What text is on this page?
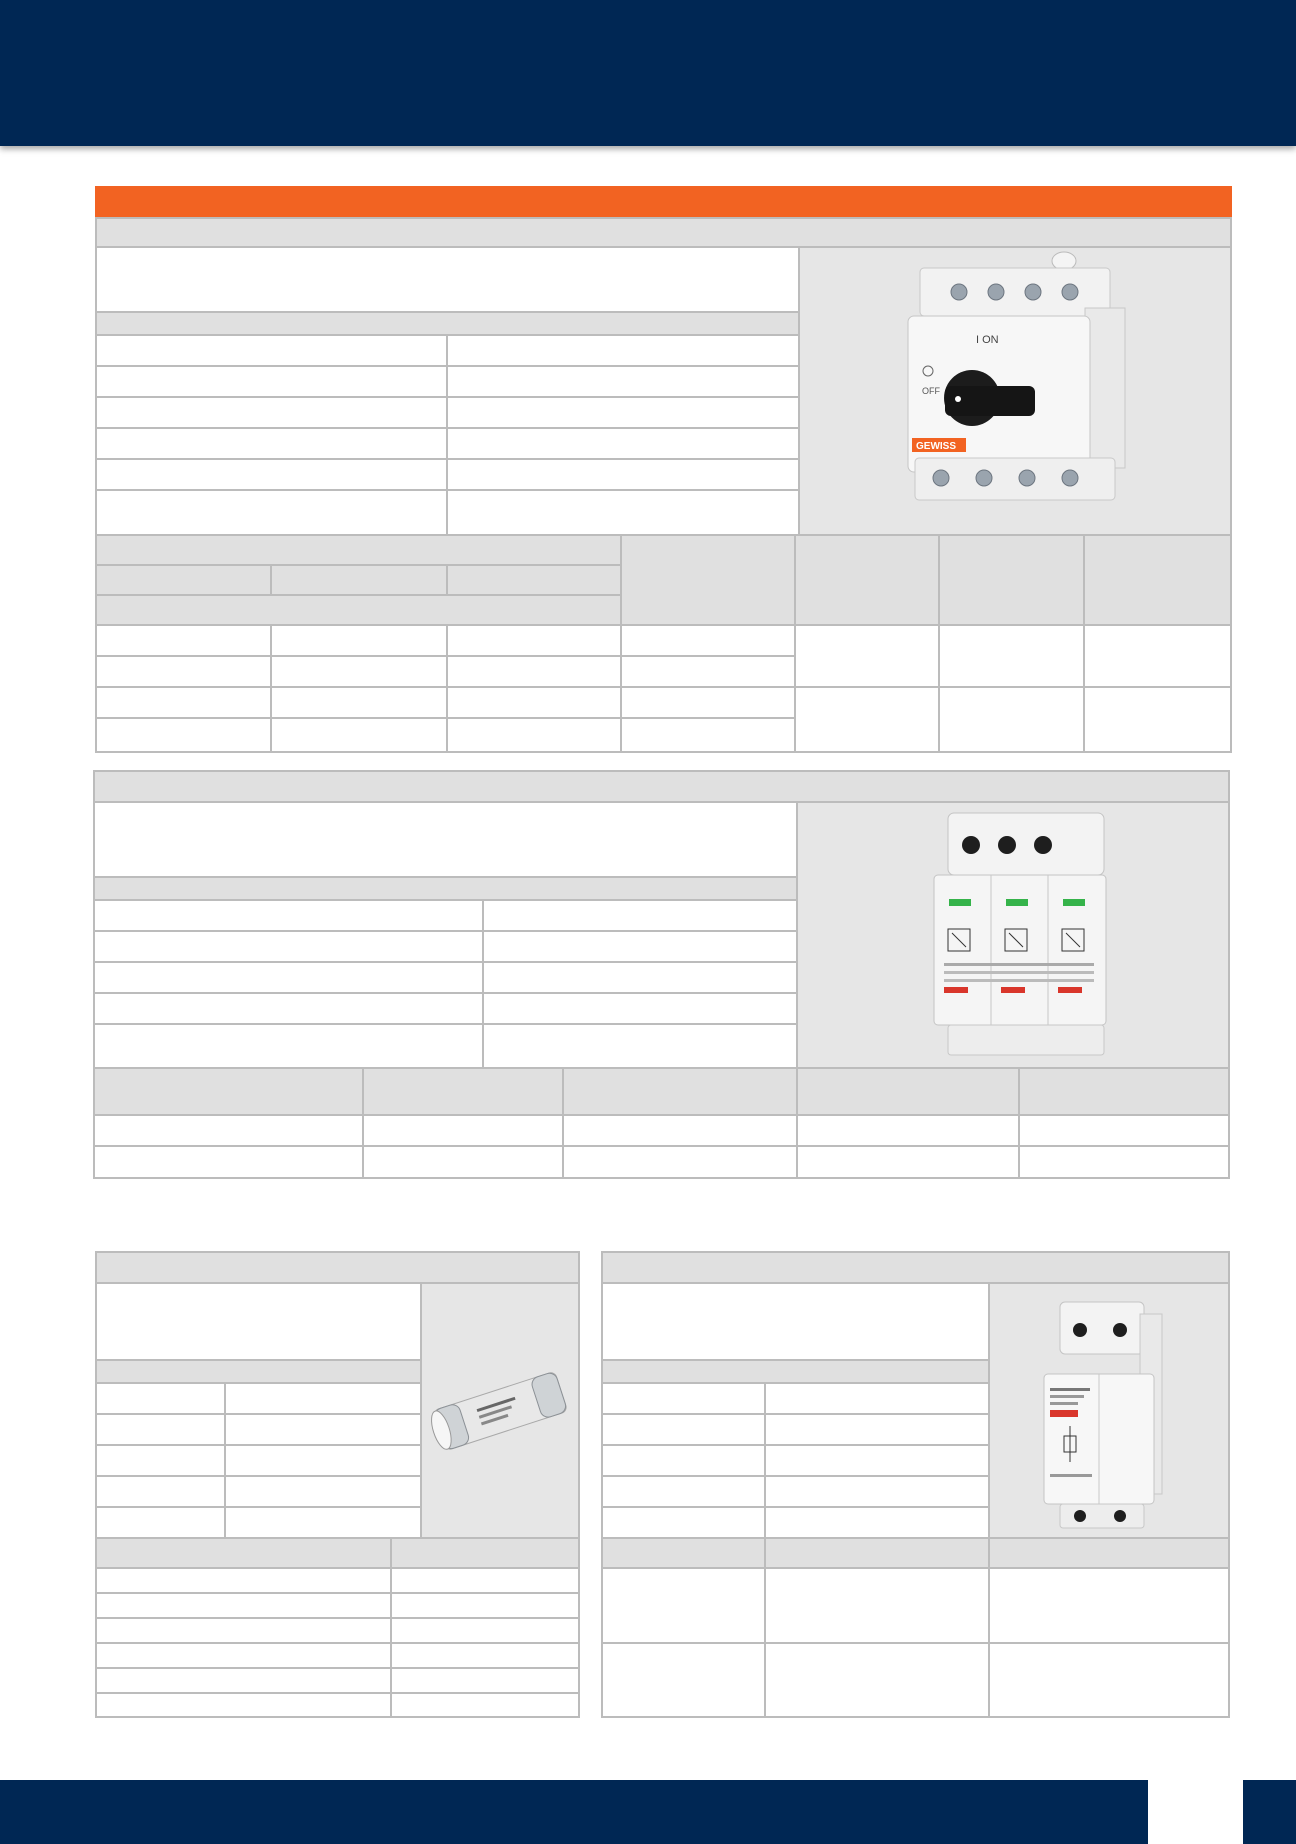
I ON
OFF
GEWISS
